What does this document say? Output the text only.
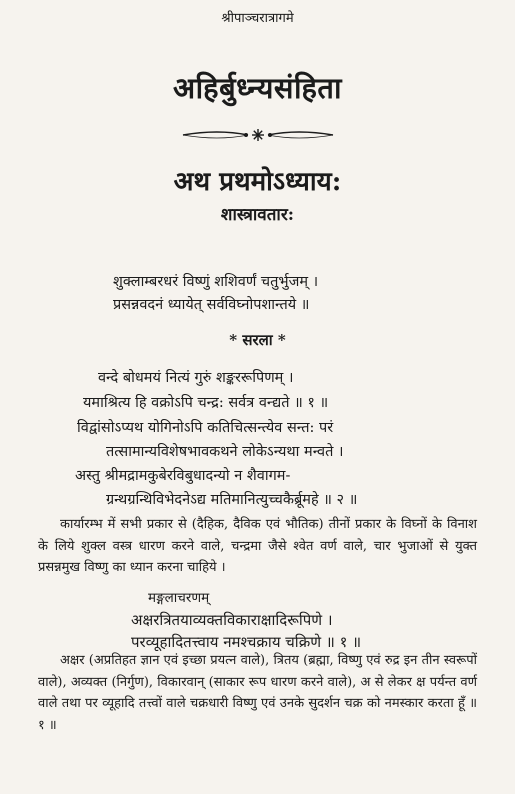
श्रीपाञ्चरात्रागमे
अहिर्बुध्न्यसंहिता
अथ प्रथमोऽध्याय:
शास्त्रावतार:
शुक्लाम्बरधरं विष्णुं शशिवर्णं चतुर्भुजम् ।
प्रसन्नवदनं ध्यायेत् सर्वविघ्नोपशान्तये ॥
* सरला *
वन्दे बोधमयं नित्यं गुरुं शङ्कररूपिणम् ।
यमाश्रित्य हि वक्रोऽपि चन्द्र: सर्वत्र वन्द्यते ॥ १ ॥
विद्वांसोऽप्यथ योगिनोऽपि कतिचित्सन्त्येव सन्त: परं
तत्सामान्यविशेषभावकथने लोकेऽन्यथा मन्वते ।
अस्तु श्रीमद्रामकुबेरविबुधादन्यो न शैवागम-
ग्रन्थग्रन्थिविभेदनेऽद्य मतिमानित्युच्चकैर्ब्रूमहे ॥ २ ॥
कार्यारम्भ में सभी प्रकार से (दैहिक, दैविक एवं भौतिक) तीनों प्रकार के विघ्नों के विनाश के लिये शुक्ल वस्त्र धारण करने वाले, चन्द्रमा जैसे श्वेत वर्ण वाले, चार भुजाओं से युक्त प्रसन्नमुख विष्णु का ध्यान करना चाहिये ।
मङ्गलाचरणम्
अक्षरत्रितयाव्यक्तविकाराक्षादिरूपिणे ।
परव्यूहादितत्त्वाय नमश्चक्राय चक्रिणे ॥ १ ॥
अक्षर (अप्रतिहत ज्ञान एवं इच्छा प्रयत्न वाले), त्रितय (ब्रह्मा, विष्णु एवं रुद्र इन तीन स्वरूपों वाले), अव्यक्त (निर्गुण), विकारवान् (साकार रूप धारण करने वाले), अ से लेकर क्ष पर्यन्त वर्ण वाले तथा पर व्यूहादि तत्त्वों वाले चक्रधारी विष्णु एवं उनके सुदर्शन चक्र को नमस्कार करता हूँ ॥ १ ॥
